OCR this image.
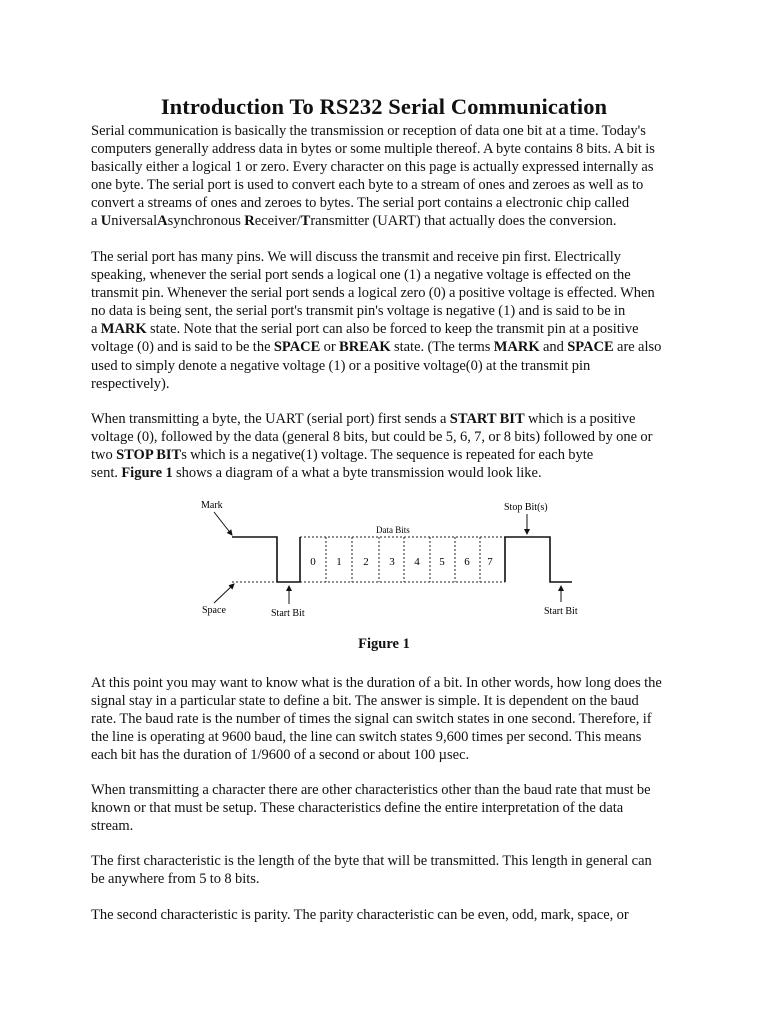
Introduction To RS232 Serial Communication

Serial communication is basically the transmission or reception of data one bit at a time. Today's
computers generally address data in bytes or some multiple thereof. A byte contains 8 bits. A bit is
basically either a logical 1 or zero. Every character on this page is actually expressed internally as
one byte. The serial port is used to convert each byte to a stream of ones and zeroes as well as to
convert a streams of ones and zeroes to bytes. The serial port contains a electronic chip called
a UniversalAsynchronous Receiver/Transmitter (UART) that actually does the conversion.

The serial port has many pins. We will discuss the transmit and receive pin first. Electrically
speaking, whenever the serial port sends a logical one (1) a negative voltage is effected on the
transmit pin. Whenever the serial port sends a logical zero (0) a positive voltage is effected. When
no data is being sent, the serial port's transmit pin's voltage is negative (1) and is said to be in
a MARK state. Note that the serial port can also be forced to keep the transmit pin at a positive
voltage (0) and is said to be the SPACE or BREAK state. (The terms MARK and SPACE are also
used to simply denote a negative voltage (1) or a positive voltage(0) at the transmit pin
respectively).

When transmitting a byte, the UART (serial port) first sends a START BIT which is a positive
voltage (0), followed by the data (general 8 bits, but could be 5, 6, 7, or 8 bits) followed by one or
two STOP BITs which is a negative(1) voltage. The sequence is repeated for each byte
sent. Figure 1 shows a diagram of a what a byte transmission would look like.

Mark
Space	Start Bit
Data Bits
Stop Bit(s)
Start Bit
0 1 2 3 4 5 6 7
Figure 1

At this point you may want to know what is the duration of a bit. In other words, how long does the
signal stay in a particular state to define a bit. The answer is simple. It is dependent on the baud
rate. The baud rate is the number of times the signal can switch states in one second. Therefore, if
the line is operating at 9600 baud, the line can switch states 9,600 times per second. This means
each bit has the duration of 1/9600 of a second or about 100 µsec.

When transmitting a character there are other characteristics other than the baud rate that must be
known or that must be setup. These characteristics define the entire interpretation of the data
stream.

The first characteristic is the length of the byte that will be transmitted. This length in general can
be anywhere from 5 to 8 bits.

The second characteristic is parity. The parity characteristic can be even, odd, mark, space, or
